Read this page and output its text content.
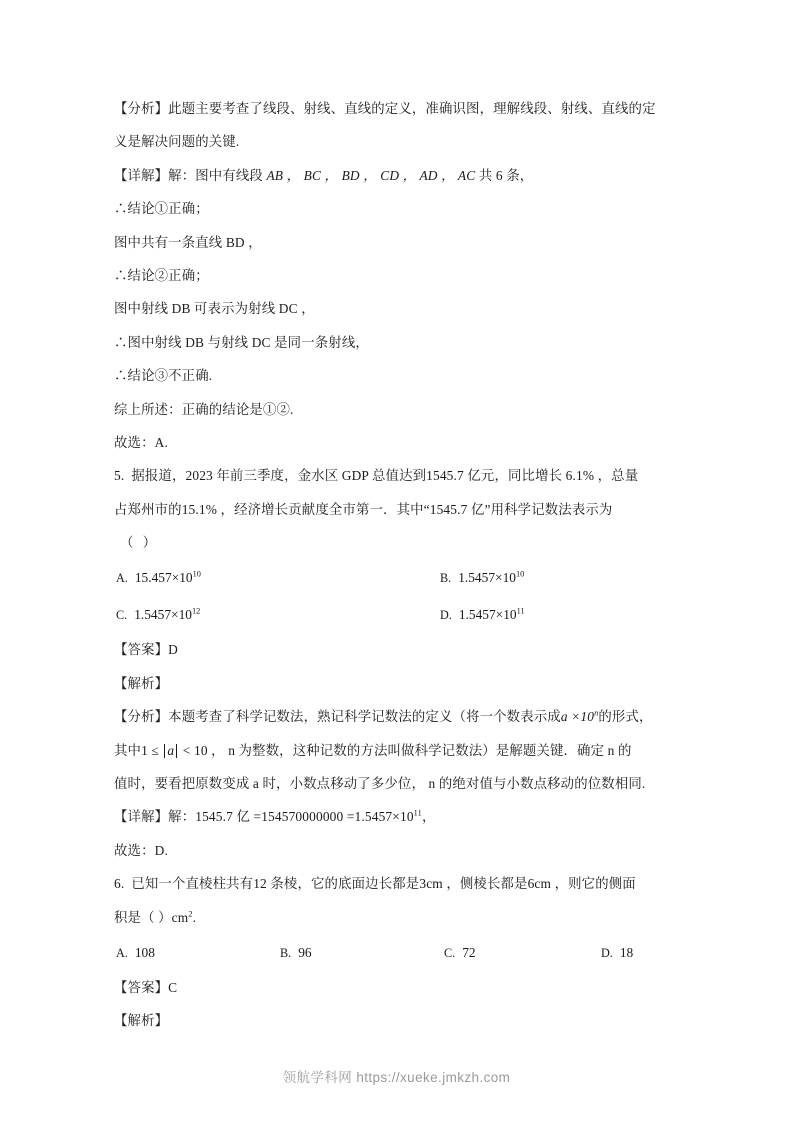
【分析】此题主要考查了线段、射线、直线的定义，准确识图，理解线段、射线、直线的定
义是解决问题的关键.
【详解】解：图中有线段 AB ， BC ， BD ， CD ， AD ， AC 共 6 条，
∴结论①正确；
图中共有一条直线 BD ，
∴结论②正确；
图中射线 DB 可表示为射线 DC ，
∴图中射线 DB 与射线 DC 是同一条射线，
∴结论③不正确.
综上所述：正确的结论是①②.
故选：A.
5. 据报道，2023 年前三季度，金水区 GDP 总值达到1545.7 亿元，同比增长 6.1% ，总量
占郑州市的15.1% ，经济增长贡献度全市第一．其中“1545.7 亿”用科学记数法表示为
（ ）
A. $15.457\times 10^{10}$	B. $1.5457\times 10^{10}$
C. $1.5457\times 10^{12}$	D. $1.5457\times 10^{11}$
【答案】D
【解析】
【分析】本题考查了科学记数法，熟记科学记数法的定义（将一个数表示成$a \times 10^n$的形式，
其中1 ≤ a < 10 ， n 为整数，这种记数的方法叫做科学记数法）是解题关键．确定 n 的
值时，要看把原数变成 a 时，小数点移动了多少位， n 的绝对值与小数点移动的位数相同.
【详解】解：1545.7 亿 $=154570000000 =1.5457\times 10^{11}$，
故选：D.
6. 已知一个直棱柱共有12 条棱，它的底面边长都是3cm ，侧棱长都是6cm ，则它的侧面
积是（ ）$cm^2$.
A. 108	B. 96	C. 72	D. 18
【答案】C
【解析】
领航学科网 https://xueke.jmkzh.com
